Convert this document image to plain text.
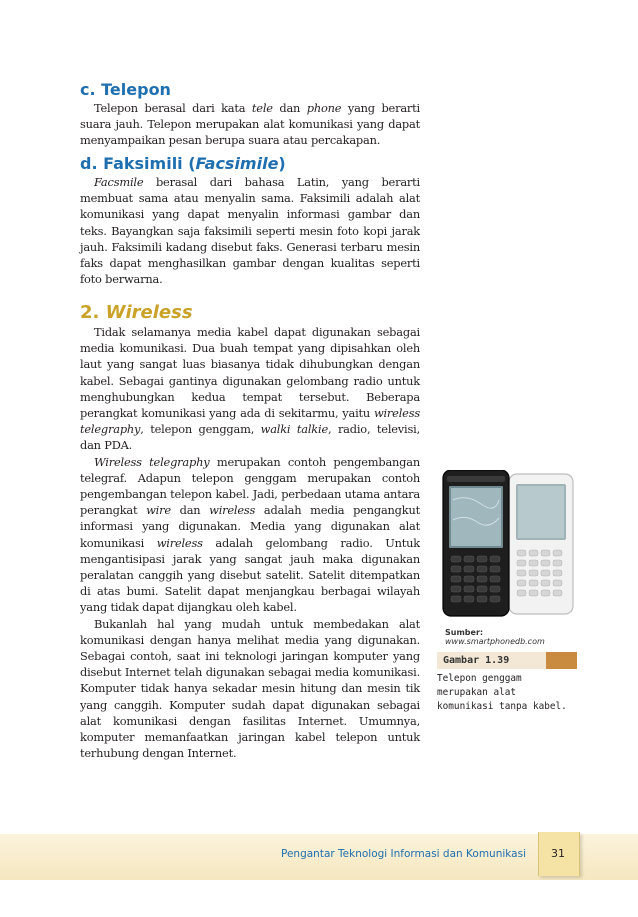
c. Telepon

Telepon berasal dari kata tele dan phone yang berarti suara jauh. Telepon merupakan alat komunikasi yang dapat menyampaikan pesan berupa suara atau percakapan.

d. Faksimili (Facsimile)

Facsmile berasal dari bahasa Latin, yang berarti membuat sama atau menyalin sama. Faksimili adalah alat komunikasi yang dapat menyalin informasi gambar dan teks. Bayangkan saja faksimili seperti mesin foto kopi jarak jauh. Faksimili kadang disebut faks. Generasi terbaru mesin faks dapat menghasilkan gambar dengan kualitas seperti foto berwarna.

2. Wireless

Tidak selamanya media kabel dapat digunakan sebagai media komunikasi. Dua buah tempat yang dipisahkan oleh laut yang sangat luas biasanya tidak dihubungkan dengan kabel. Sebagai gantinya digunakan gelombang radio untuk menghubungkan kedua tempat tersebut. Beberapa perangkat komunikasi yang ada di sekitarmu, yaitu wireless telegraphy, telepon genggam, walki talkie, radio, televisi, dan PDA.

Wireless telegraphy merupakan contoh pengembangan telegraf. Adapun telepon genggam merupakan contoh pengembangan telepon kabel. Jadi, perbedaan utama antara perangkat wire dan wireless adalah media pengangkut informasi yang digunakan. Media yang digunakan alat komunikasi wireless adalah gelombang radio. Untuk mengantisipasi jarak yang sangat jauh maka digunakan peralatan canggih yang disebut satelit. Satelit ditempatkan di atas bumi. Satelit dapat menjangkau berbagai wilayah yang tidak dapat dijangkau oleh kabel.

Bukanlah hal yang mudah untuk membedakan alat komunikasi dengan hanya melihat media yang digunakan. Sebagai contoh, saat ini teknologi jaringan komputer yang disebut Internet telah digunakan sebagai media komunikasi. Komputer tidak hanya sekadar mesin hitung dan mesin tik yang canggih. Komputer sudah dapat digunakan sebagai alat komunikasi dengan fasilitas Internet. Umumnya, komputer memanfaatkan jaringan kabel telepon untuk terhubung dengan Internet.

Sumber: www.smartphonedb.com
Gambar 1.39
Telepon genggam merupakan alat komunikasi tanpa kabel.
Pengantar Teknologi Informasi dan Komunikasi	31
